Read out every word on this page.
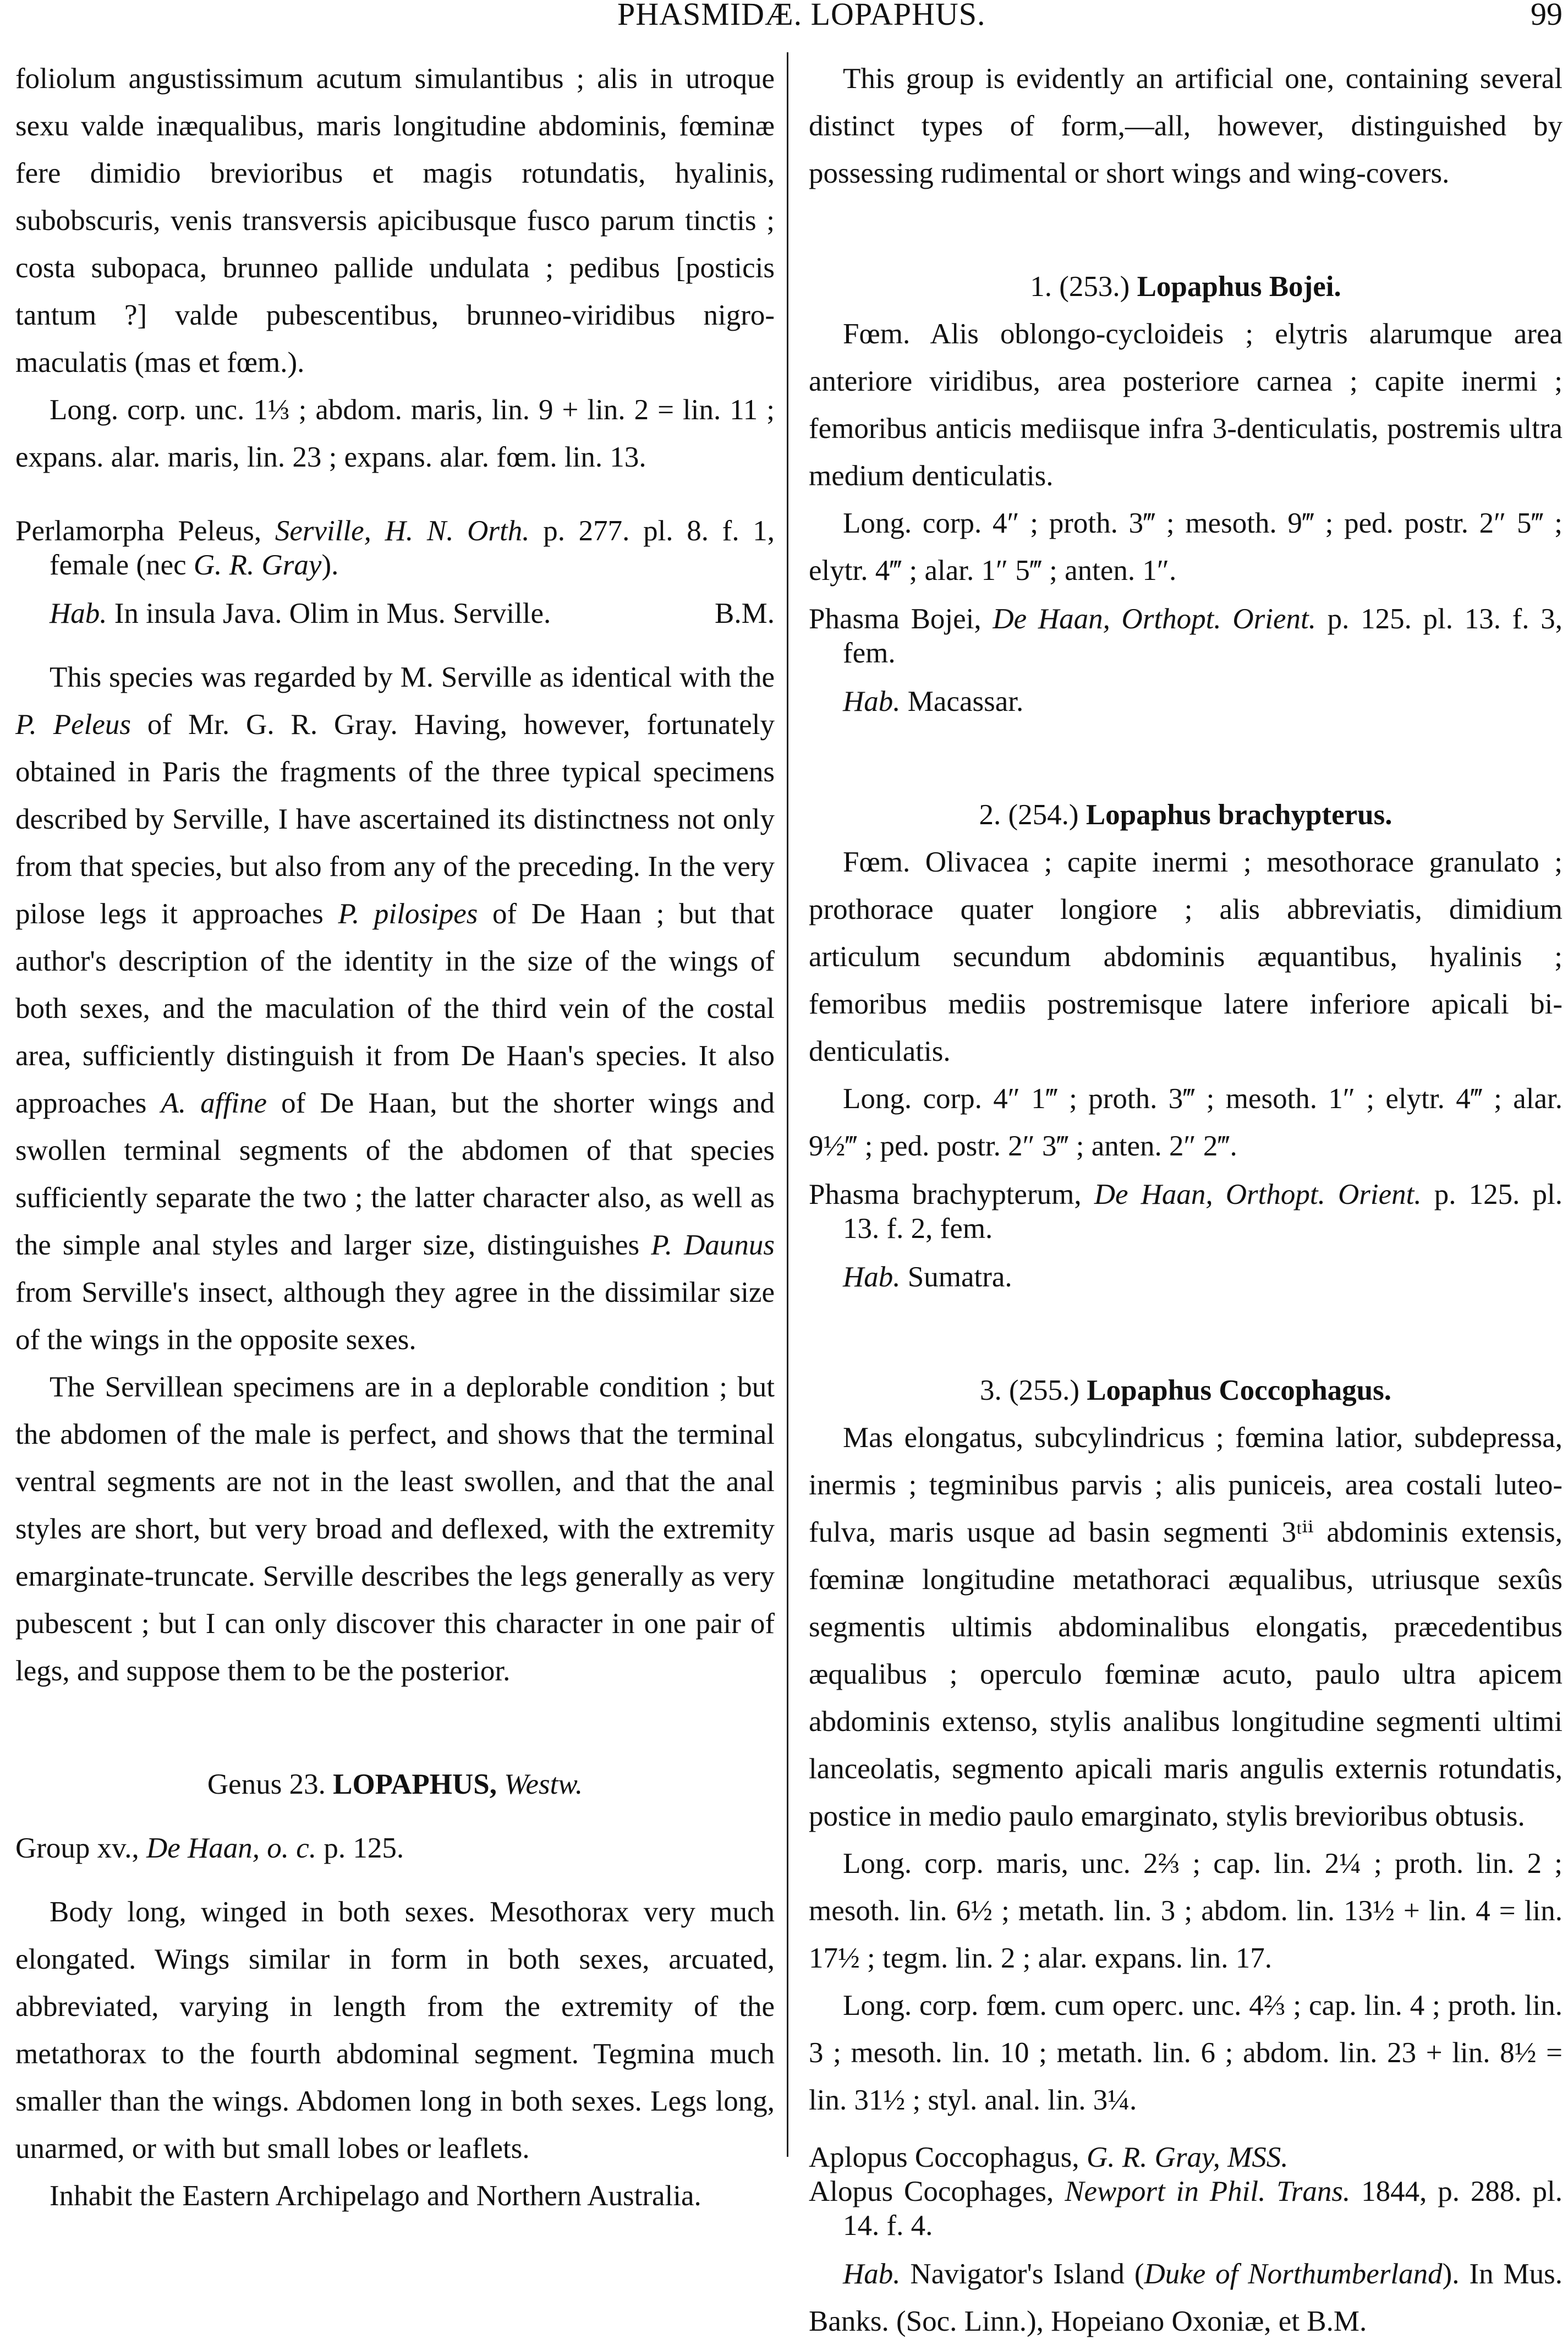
PHASMIDÆ. LOPAPHUS.	99

foliolum angustissimum acutum simulantibus ; alis in utroque sexu valde inæqualibus, maris longitudine abdominis, fœminæ fere dimidio brevioribus et magis rotundatis, hyalinis, subobscuris, venis transversis apicibusque fusco parum tinctis ; costa subopaca, brunneo pallide undulata ; pedibus [posticis tantum ?] valde pubescentibus, brunneo-viridibus nigro-maculatis (mas et fœm.).

Long. corp. unc. 1⅓ ; abdom. maris, lin. 9 + lin. 2 = lin. 11 ; expans. alar. maris, lin. 23 ; expans. alar. fœm. lin. 13.

Perlamorpha Peleus, Serville, H. N. Orth. p. 277. pl. 8. f. 1, female (nec G. R. Gray).

Hab. In insula Java. Olim in Mus. Serville.	B.M.

This species was regarded by M. Serville as identical with the P. Peleus of Mr. G. R. Gray. Having, however, fortunately obtained in Paris the fragments of the three typical specimens described by Serville, I have ascertained its distinctness not only from that species, but also from any of the preceding. In the very pilose legs it approaches P. pilosipes of De Haan ; but that author's description of the identity in the size of the wings of both sexes, and the maculation of the third vein of the costal area, sufficiently distinguish it from De Haan's species. It also approaches A. affine of De Haan, but the shorter wings and swollen terminal segments of the abdomen of that species sufficiently separate the two ; the latter character also, as well as the simple anal styles and larger size, distinguishes P. Daunus from Serville's insect, although they agree in the dissimilar size of the wings in the opposite sexes.

The Servillean specimens are in a deplorable condition ; but the abdomen of the male is perfect, and shows that the terminal ventral segments are not in the least swollen, and that the anal styles are short, but very broad and deflexed, with the extremity emarginate-truncate. Serville describes the legs generally as very pubescent ; but I can only discover this character in one pair of legs, and suppose them to be the posterior.

Genus 23. LOPAPHUS, Westw.

Group xv., De Haan, o. c. p. 125.

Body long, winged in both sexes. Mesothorax very much elongated. Wings similar in form in both sexes, arcuated, abbreviated, varying in length from the extremity of the metathorax to the fourth abdominal segment. Tegmina much smaller than the wings. Abdomen long in both sexes. Legs long, unarmed, or with but small lobes or leaflets.

Inhabit the Eastern Archipelago and Northern Australia.

This group is evidently an artificial one, containing several distinct types of form,—all, however, distinguished by possessing rudimental or short wings and wing-covers.

1. (253.) Lopaphus Bojei.

Fœm. Alis oblongo-cycloideis ; elytris alarumque area anteriore viridibus, area posteriore carnea ; capite inermi ; femoribus anticis mediisque infra 3-denticulatis, postremis ultra medium denticulatis.

Long. corp. 4″ ; proth. 3‴ ; mesoth. 9‴ ; ped. postr. 2″ 5‴ ; elytr. 4‴ ; alar. 1″ 5‴ ; anten. 1″.

Phasma Bojei, De Haan, Orthopt. Orient. p. 125. pl. 13. f. 3, fem.

Hab. Macassar.

2. (254.) Lopaphus brachypterus.

Fœm. Olivacea ; capite inermi ; mesothorace granulato ; prothorace quater longiore ; alis abbreviatis, dimidium articulum secundum abdominis æquantibus, hyalinis ; femoribus mediis postremisque latere inferiore apicali bi-denticulatis.

Long. corp. 4″ 1‴ ; proth. 3‴ ; mesoth. 1″ ; elytr. 4‴ ; alar. 9½‴ ; ped. postr. 2″ 3‴ ; anten. 2″ 2‴.

Phasma brachypterum, De Haan, Orthopt. Orient. p. 125. pl. 13. f. 2, fem.

Hab. Sumatra.

3. (255.) Lopaphus Coccophagus.

Mas elongatus, subcylindricus ; fœmina latior, subdepressa, inermis ; tegminibus parvis ; alis puniceis, area costali luteo-fulva, maris usque ad basin segmenti 3ᵗⁱⁱ abdominis extensis, fœminæ longitudine metathoraci æqualibus, utriusque sexûs segmentis ultimis abdominalibus elongatis, præcedentibus æqualibus ; operculo fœminæ acuto, paulo ultra apicem abdominis extenso, stylis analibus longitudine segmenti ultimi lanceolatis, segmento apicali maris angulis externis rotundatis, postice in medio paulo emarginato, stylis brevioribus obtusis.

Long. corp. maris, unc. 2⅔ ; cap. lin. 2¼ ; proth. lin. 2 ; mesoth. lin. 6½ ; metath. lin. 3 ; abdom. lin. 13½ + lin. 4 = lin. 17½ ; tegm. lin. 2 ; alar. expans. lin. 17.

Long. corp. fœm. cum operc. unc. 4⅔ ; cap. lin. 4 ; proth. lin. 3 ; mesoth. lin. 10 ; metath. lin. 6 ; abdom. lin. 23 + lin. 8½ = lin. 31½ ; styl. anal. lin. 3¼.

Aplopus Coccophagus, G. R. Gray, MSS.

Alopus Cocophages, Newport in Phil. Trans. 1844, p. 288. pl. 14. f. 4.

Hab. Navigator's Island (Duke of Northumberland). In Mus. Banks. (Soc. Linn.), Hopeiano Oxoniæ, et B.M.
